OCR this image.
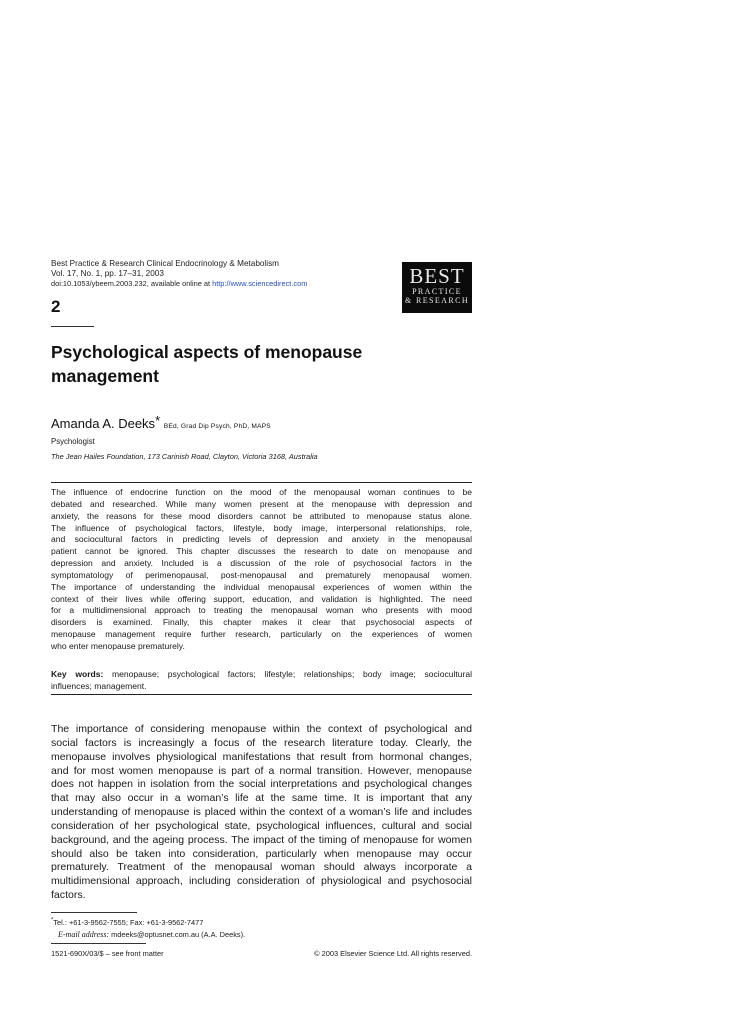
Best Practice & Research Clinical Endocrinology & Metabolism
Vol. 17, No. 1, pp. 17–31, 2003
doi:10.1053/ybeem.2003.232, available online at http://www.sciencedirect.com	BEST
PRACTICE
& RESEARCH
2
Psychological aspects of menopause
management
Amanda A. Deeks* BEd, Grad Dip Psych, PhD, MAPS
Psychologist
The Jean Hailes Foundation, 173 Carinish Road, Clayton, Victoria 3168, Australia
The influence of endocrine function on the mood of the menopausal woman continues to be
debated and researched. While many women present at the menopause with depression and
anxiety, the reasons for these mood disorders cannot be attributed to menopause status alone.
The influence of psychological factors, lifestyle, body image, interpersonal relationships, role,
and sociocultural factors in predicting levels of depression and anxiety in the menopausal
patient cannot be ignored. This chapter discusses the research to date on menopause and
depression and anxiety. Included is a discussion of the role of psychosocial factors in the
symptomatology of perimenopausal, post-menopausal and prematurely menopausal women.
The importance of understanding the individual menopausal experiences of women within the
context of their lives while offering support, education, and validation is highlighted. The need
for a multidimensional approach to treating the menopausal woman who presents with mood
disorders is examined. Finally, this chapter makes it clear that psychosocial aspects of
menopause management require further research, particularly on the experiences of women
who enter menopause prematurely.
Key words: menopause; psychological factors; lifestyle; relationships; body image; sociocultural
influences; management.
The importance of considering menopause within the context of psychological and
social factors is increasingly a focus of the research literature today. Clearly, the
menopause involves physiological manifestations that result from hormonal changes,
and for most women menopause is part of a normal transition. However, menopause
does not happen in isolation from the social interpretations and psychological changes
that may also occur in a woman’s life at the same time. It is important that any
understanding of menopause is placed within the context of a woman’s life and includes
consideration of her psychological state, psychological influences, cultural and social
background, and the ageing process. The impact of the timing of menopause for women
should also be taken into consideration, particularly when menopause may occur
prematurely. Treatment of the menopausal woman should always incorporate a
multidimensional approach, including consideration of physiological and psychosocial
factors.
*Tel.: +61-3-9562-7555; Fax: +61-3-9562-7477
E-mail address: mdeeks@optusnet.com.au (A.A. Deeks).
1521-690X/03/$ – see front matter	© 2003 Elsevier Science Ltd. All rights reserved.
